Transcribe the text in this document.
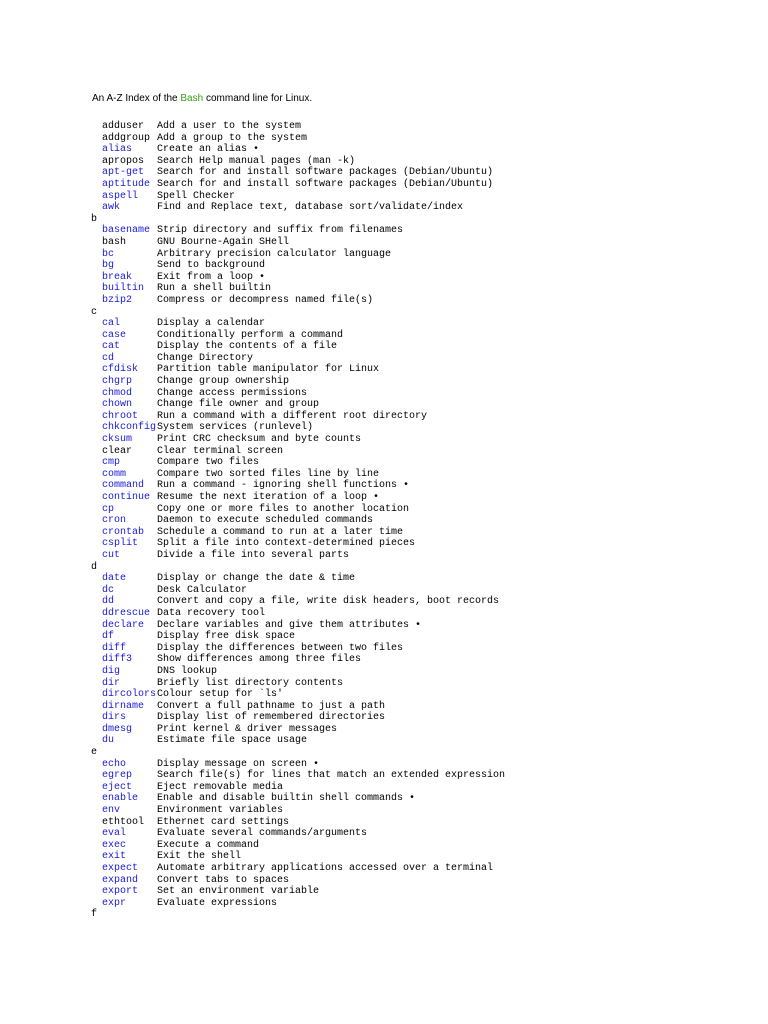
An A-Z Index of the Bash command line for Linux.
adduser Add a user to the system
addgroup Add a group to the system
alias Create an alias •
apropos Search Help manual pages (man -k)
apt-get Search for and install software packages (Debian/Ubuntu)
aptitude Search for and install software packages (Debian/Ubuntu)
aspell Spell Checker
awk	Find and Replace text, database sort/validate/index
b
basename Strip directory and suffix from filenames
bash	GNU Bourne-Again SHell
bc	Arbitrary precision calculator language
bg	Send to background
break Exit from a loop •
builtin Run a shell builtin
bzip2 Compress or decompress named file(s)
c
cal	Display a calendar
case	Conditionally perform a command
cat	Display the contents of a file
cd	Change Directory
cfdisk Partition table manipulator for Linux
chgrp Change group ownership
chmod Change access permissions
chown Change file owner and group
chroot Run a command with a different root directory
chkconfig System services (runlevel)
cksum Print CRC checksum and byte counts
clear Clear terminal screen
cmp	Compare two files
comm	Compare two sorted files line by line
command Run a command - ignoring shell functions •
continue Resume the next iteration of a loop •
cp	Copy one or more files to another location
cron	Daemon to execute scheduled commands
crontab Schedule a command to run at a later time
csplit Split a file into context-determined pieces
cut	Divide a file into several parts
d
date	Display or change the date & time
dc	Desk Calculator
dd	Convert and copy a file, write disk headers, boot records
ddrescue Data recovery tool
declare Declare variables and give them attributes •
df	Display free disk space
diff	Display the differences between two files
diff3 Show differences among three files
dig	DNS lookup
dir	Briefly list directory contents
dircolors Colour setup for `ls'
dirname Convert a full pathname to just a path
dirs	Display list of remembered directories
dmesg Print kernel & driver messages
du	Estimate file space usage
e
echo	Display message on screen •
egrep Search file(s) for lines that match an extended expression
eject Eject removable media
enable Enable and disable builtin shell commands •
env	Environment variables
ethtool Ethernet card settings
eval	Evaluate several commands/arguments
exec	Execute a command
exit	Exit the shell
expect Automate arbitrary applications accessed over a terminal
expand Convert tabs to spaces
export Set an environment variable
expr	Evaluate expressions
f
